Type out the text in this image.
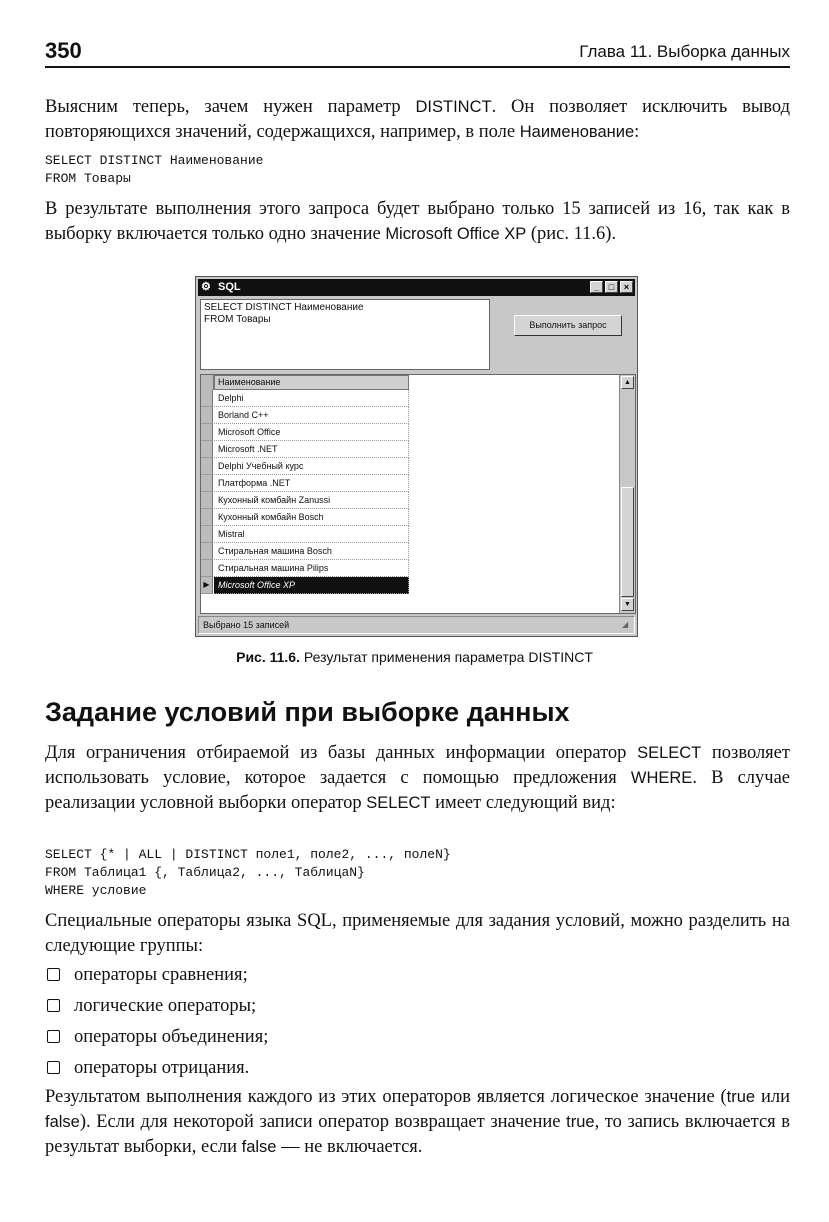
350	Глава 11. Выборка данных

Выясним теперь, зачем нужен параметр DISTINCT. Он позволяет исключить вывод повторяющихся значений, содержащихся, например, в поле Наименование:

SELECT DISTINCT Наименование
FROM Товары

В результате выполнения этого запроса будет выбрано только 15 записей из 16, так как в выборку включается только одно значение Microsoft Office XP (рис. 11.6).

⚙ SQL	_	□	×
SELECT DISTINCT Наименование
FROM Товары	Выполнить запрос
Наименование
Delphi
Borland C++
Microsoft Office
Microsoft .NET
Delphi Учебный курс
Платформа .NET
Кухонный комбайн Zanussi
Кухонный комбайн Bosch
Mistral
Стиральная машина Bosch
Стиральная машина Pilips
▶ Microsoft Office XP
▲
▼
Выбрано 15 записей	◢
Рис. 11.6. Результат применения параметра DISTINCT
Задание условий при выборке данных

Для ограничения отбираемой из базы данных информации оператор SELECT позволяет использовать условие, которое задается с помощью предложения WHERE. В случае реализации условной выборки оператор SELECT имеет следующий вид:

SELECT {* | ALL | DISTINCT поле1, поле2, ..., полеN}
FROM Таблица1 {, Таблица2, ..., ТаблицаN}
WHERE условие

Специальные операторы языка SQL, применяемые для задания условий, можно разделить на следующие группы:

операторы сравнения;
логические операторы;
операторы объединения;
операторы отрицания.

Результатом выполнения каждого из этих операторов является логическое значение (true или false). Если для некоторой записи оператор возвращает значение true, то запись включается в результат выборки, если false — не включается.
